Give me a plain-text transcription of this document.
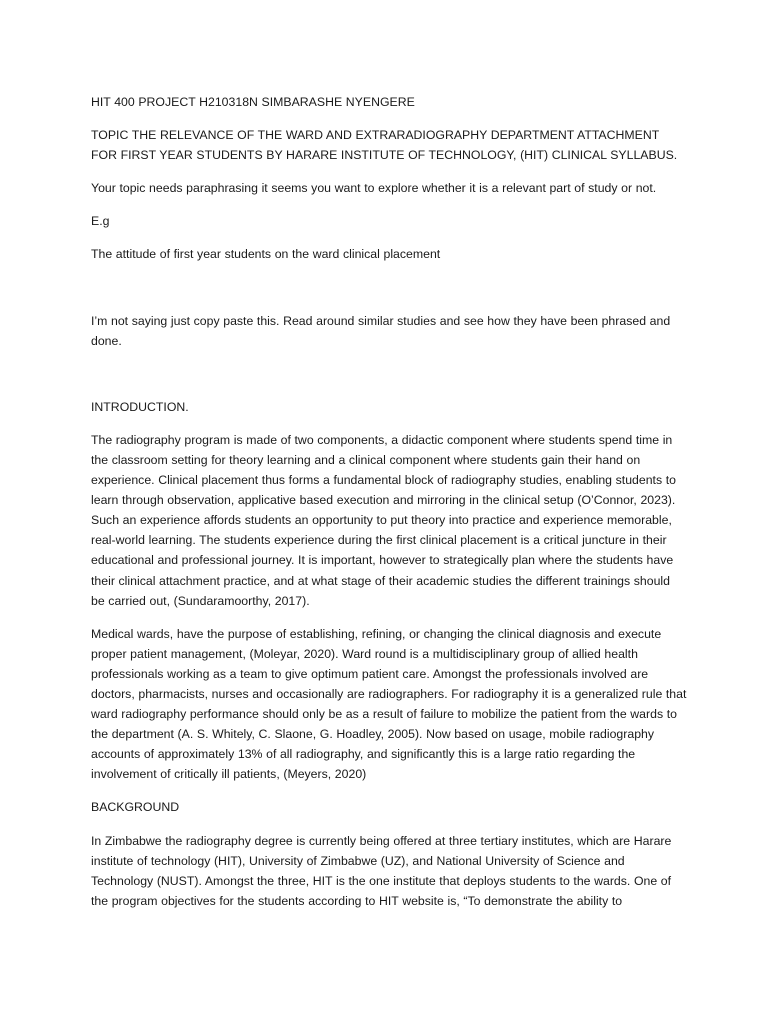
HIT 400 PROJECT H210318N SIMBARASHE NYENGERE

TOPIC THE RELEVANCE OF THE WARD AND EXTRARADIOGRAPHY DEPARTMENT ATTACHMENT FOR FIRST YEAR STUDENTS BY HARARE INSTITUTE OF TECHNOLOGY, (HIT) CLINICAL SYLLABUS.

Your topic needs paraphrasing it seems you want to explore whether it is a relevant part of study or not.

E.g

The attitude of first year students on the ward clinical placement

I’m not saying just copy paste this. Read around similar studies and see how they have been phrased and done.

INTRODUCTION.

The radiography program is made of two components, a didactic component where students spend time in the classroom setting for theory learning and a clinical component where students gain their hand on experience. Clinical placement thus forms a fundamental block of radiography studies, enabling students to learn through observation, applicative based execution and mirroring in the clinical setup (O’Connor, 2023). Such an experience affords students an opportunity to put theory into practice and experience memorable, real-world learning. The students experience during the first clinical placement is a critical juncture in their educational and professional journey. It is important, however to strategically plan where the students have their clinical attachment practice, and at what stage of their academic studies the different trainings should be carried out, (Sundaramoorthy, 2017).

Medical wards, have the purpose of establishing, refining, or changing the clinical diagnosis and execute proper patient management, (Moleyar, 2020). Ward round is a multidisciplinary group of allied health professionals working as a team to give optimum patient care. Amongst the professionals involved are doctors, pharmacists, nurses and occasionally are radiographers. For radiography it is a generalized rule that ward radiography performance should only be as a result of failure to mobilize the patient from the wards to the department (A. S. Whitely, C. Slaone, G. Hoadley, 2005). Now based on usage, mobile radiography accounts of approximately 13% of all radiography, and significantly this is a large ratio regarding the involvement of critically ill patients, (Meyers, 2020)

BACKGROUND

In Zimbabwe the radiography degree is currently being offered at three tertiary institutes, which are Harare institute of technology (HIT), University of Zimbabwe (UZ), and National University of Science and Technology (NUST). Amongst the three, HIT is the one institute that deploys students to the wards. One of the program objectives for the students according to HIT website is, “To demonstrate the ability to
